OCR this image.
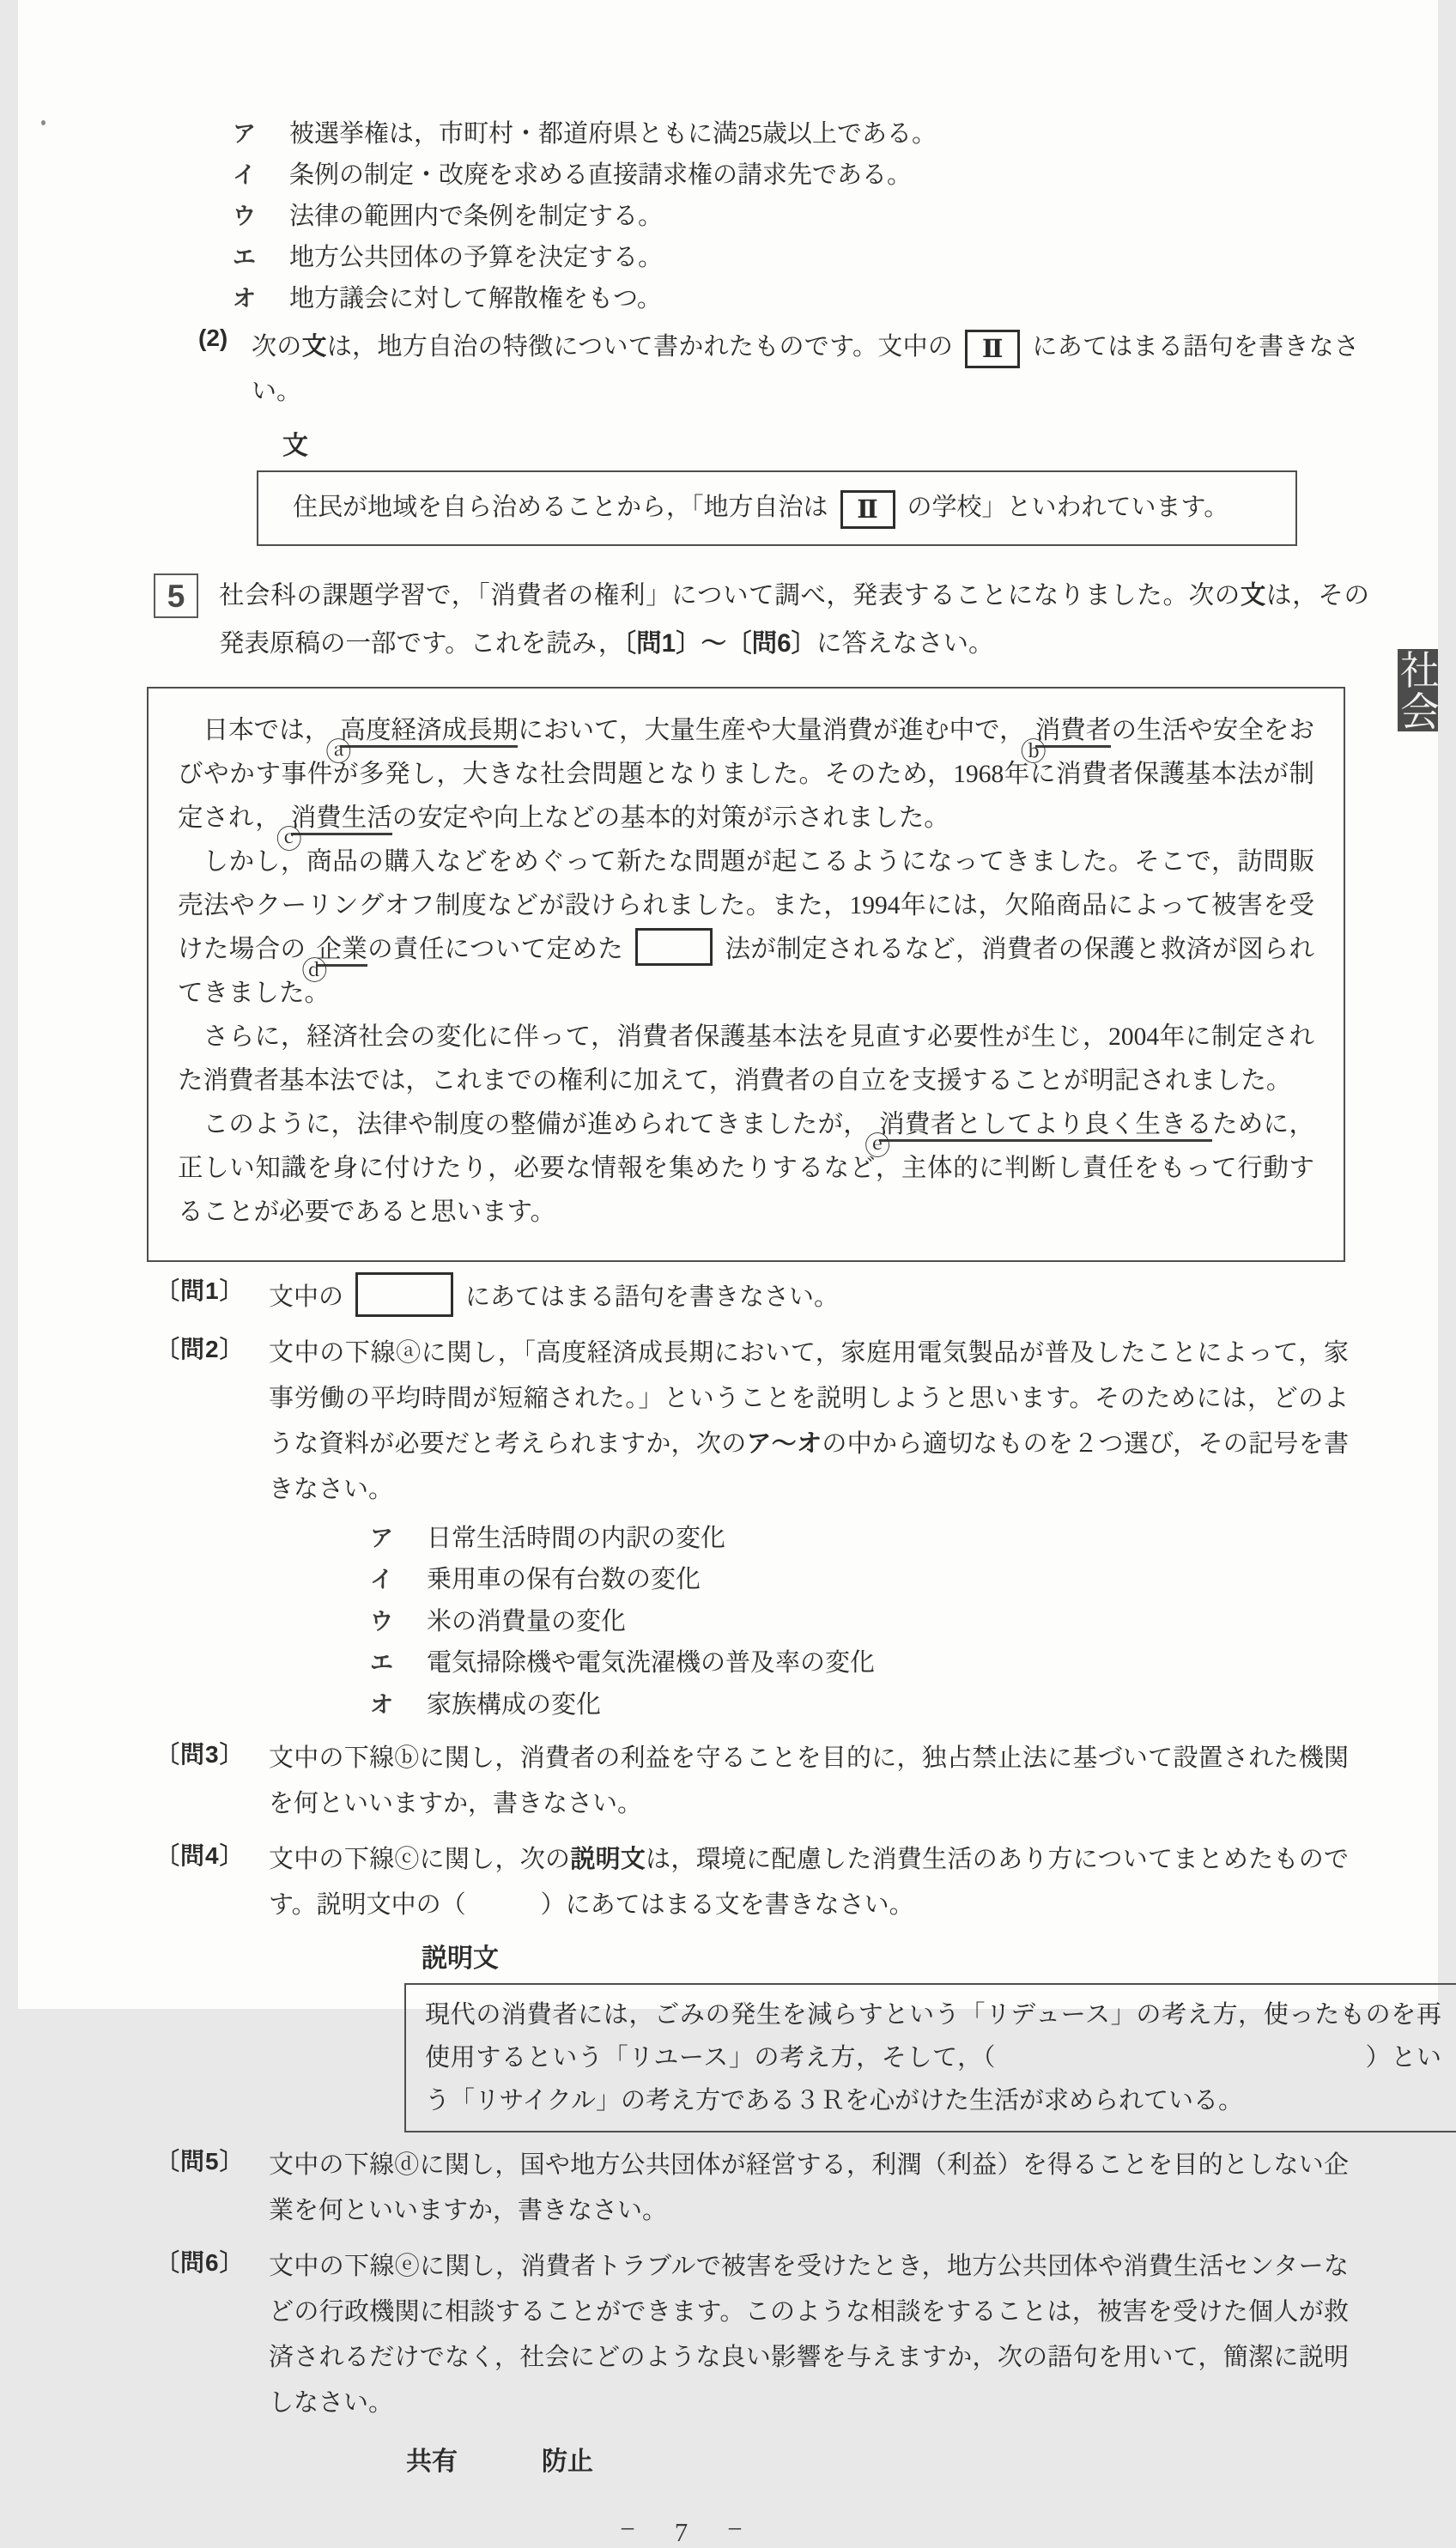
ア	被選挙権は，市町村・都道府県ともに満25歳以上である。
イ	条例の制定・改廃を求める直接請求権の請求先である。
ウ	法律の範囲内で条例を制定する。
エ	地方公共団体の予算を決定する。
オ	地方議会に対して解散権をもつ。
(2) 次の文は，地方自治の特徴について書かれたものです。文中の Ⅱ にあてはまる語句を書きなさい。
文
住民が地域を自ら治めることから，「地方自治は Ⅱ の学校」といわれています。
5	社会科の課題学習で，「消費者の権利」について調べ，発表することになりました。次の文は，その発表原稿の一部です。これを読み，〔問1〕～〔問6〕に答えなさい。

日本では，
ⓐ
高度経済成長期において，大量生産や大量消費が進む中で，
ⓑ
消費者の生活や安全をおびやかす事件が多発し，大きな社会問題となりました。そのため，1968年に消費者保護基本法が制定され，
ⓒ
消費生活の安定や向上などの基本的対策が示されました。

しかし，商品の購入などをめぐって新たな問題が起こるようになってきました。そこで，訪問販売法やクーリングオフ制度などが設けられました。また，1994年には，欠陥商品によって被害を受けた場合の
ⓓ
企業の責任について定めた	法が制定されるなど，消費者の保護と救済が図られてきました。

さらに，経済社会の変化に伴って，消費者保護基本法を見直す必要性が生じ，2004年に制定された消費者基本法では，これまでの権利に加えて，消費者の自立を支援することが明記されました。

このように，法律や制度の整備が進められてきましたが，
ⓔ
消費者としてより良く生きるために，正しい知識を身に付けたり，必要な情報を集めたりするなど，主体的に判断し責任をもって行動することが必要であると思います。

〔問1〕 文中の	にあてはまる語句を書きなさい。
〔問2〕 文中の下線ⓐに関し，「高度経済成長期において，家庭用電気製品が普及したことによって，家事労働の平均時間が短縮された。」ということを説明しようと思います。そのためには，どのような資料が必要だと考えられますか，次のア～オの中から適切なものを２つ選び，その記号を書きなさい。
ア	日常生活時間の内訳の変化
イ	乗用車の保有台数の変化
ウ	米の消費量の変化
エ	電気掃除機や電気洗濯機の普及率の変化
オ	家族構成の変化
〔問3〕 文中の下線ⓑに関し，消費者の利益を守ることを目的に，独占禁止法に基づいて設置された機関を何といいますか，書きなさい。
〔問4〕 文中の下線ⓒに関し，次の説明文は，環境に配慮した消費生活のあり方についてまとめたものです。説明文中の（　　　）にあてはまる文を書きなさい。
説明文
現代の消費者には，ごみの発生を減らすという「リデュース」の考え方，使ったものを再使用するという「リユース」の考え方，そして，（	）という「リサイクル」の考え方である３Ｒを心がけた生活が求められている。
〔問5〕 文中の下線ⓓに関し，国や地方公共団体が経営する，利潤（利益）を得ることを目的としない企業を何といいますか，書きなさい。
〔問6〕 文中の下線ⓔに関し，消費者トラブルで被害を受けたとき，地方公共団体や消費生活センターなどの行政機関に相談することができます。このような相談をすることは，被害を受けた個人が救済されるだけでなく，社会にどのような良い影響を与えますか，次の語句を用いて，簡潔に説明しなさい。
共有	防止
− 7 −
社会
